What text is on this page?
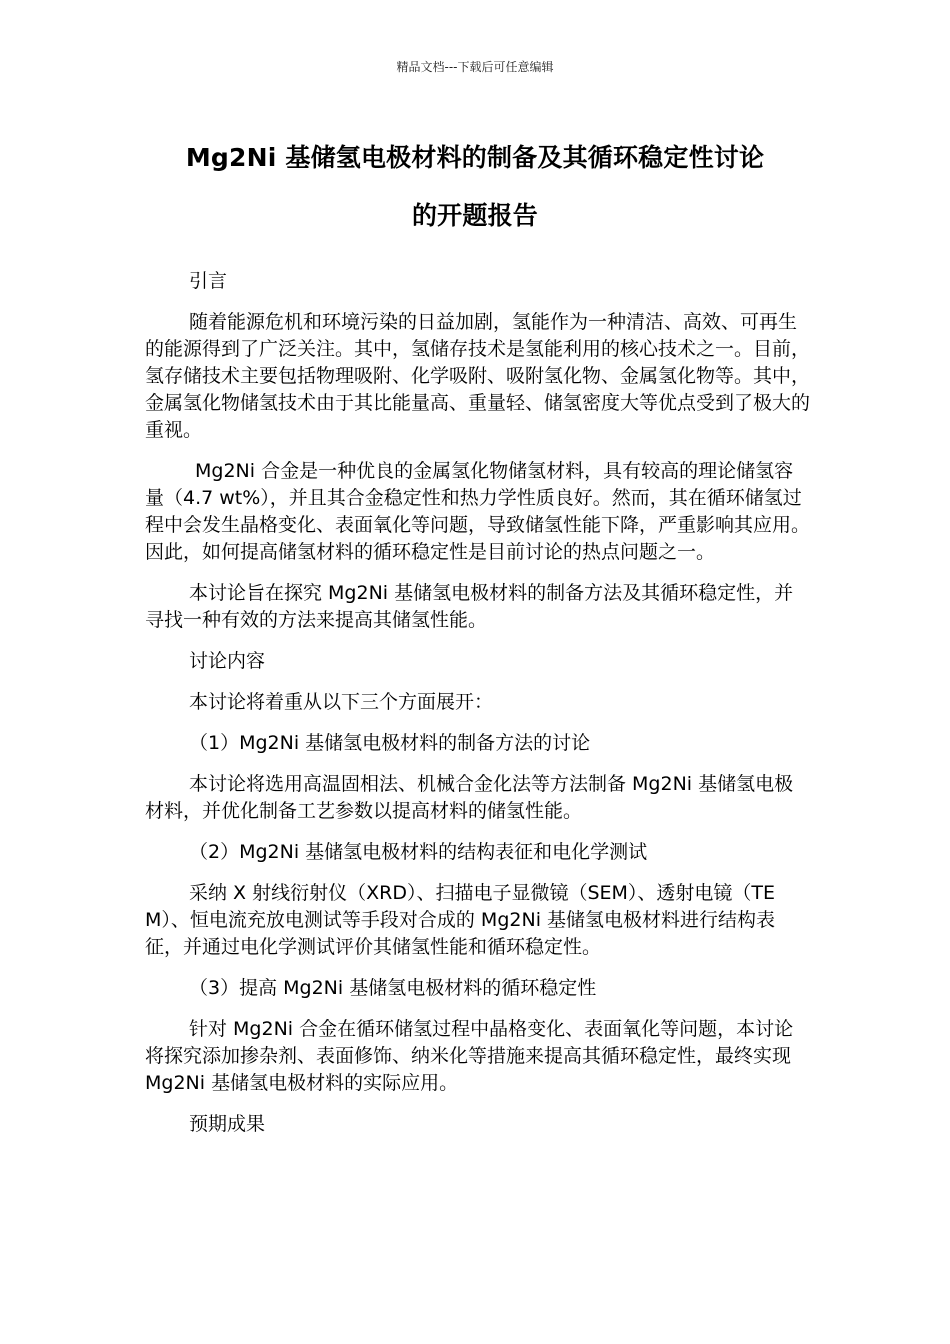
精品文档---下载后可任意编辑
Mg2Ni 基储氢电极材料的制备及其循环稳定性讨论
的开题报告

引言

随着能源危机和环境污染的日益加剧，氢能作为一种清洁、高效、可再生的能源得到了广泛关注。其中，氢储存技术是氢能利用的核心技术之一。目前，氢存储技术主要包括物理吸附、化学吸附、吸附氢化物、金属氢化物等。其中，金属氢化物储氢技术由于其比能量高、重量轻、储氢密度大等优点受到了极大的重视。

Mg2Ni 合金是一种优良的金属氢化物储氢材料，具有较高的理论储氢容量（4.7 wt%），并且其合金稳定性和热力学性质良好。然而，其在循环储氢过程中会发生晶格变化、表面氧化等问题，导致储氢性能下降，严重影响其应用。因此，如何提高储氢材料的循环稳定性是目前讨论的热点问题之一。

本讨论旨在探究 Mg2Ni 基储氢电极材料的制备方法及其循环稳定性，并寻找一种有效的方法来提高其储氢性能。

讨论内容

本讨论将着重从以下三个方面展开：

（1）Mg2Ni 基储氢电极材料的制备方法的讨论

本讨论将选用高温固相法、机械合金化法等方法制备 Mg2Ni 基储氢电极材料，并优化制备工艺参数以提高材料的储氢性能。

（2）Mg2Ni 基储氢电极材料的结构表征和电化学测试

采纳 X 射线衍射仪（XRD）、扫描电子显微镜（SEM）、透射电镜（TEM）、恒电流充放电测试等手段对合成的 Mg2Ni 基储氢电极材料进行结构表征，并通过电化学测试评价其储氢性能和循环稳定性。

（3）提高 Mg2Ni 基储氢电极材料的循环稳定性

针对 Mg2Ni 合金在循环储氢过程中晶格变化、表面氧化等问题，本讨论将探究添加掺杂剂、表面修饰、纳米化等措施来提高其循环稳定性，最终实现 Mg2Ni 基储氢电极材料的实际应用。

预期成果
